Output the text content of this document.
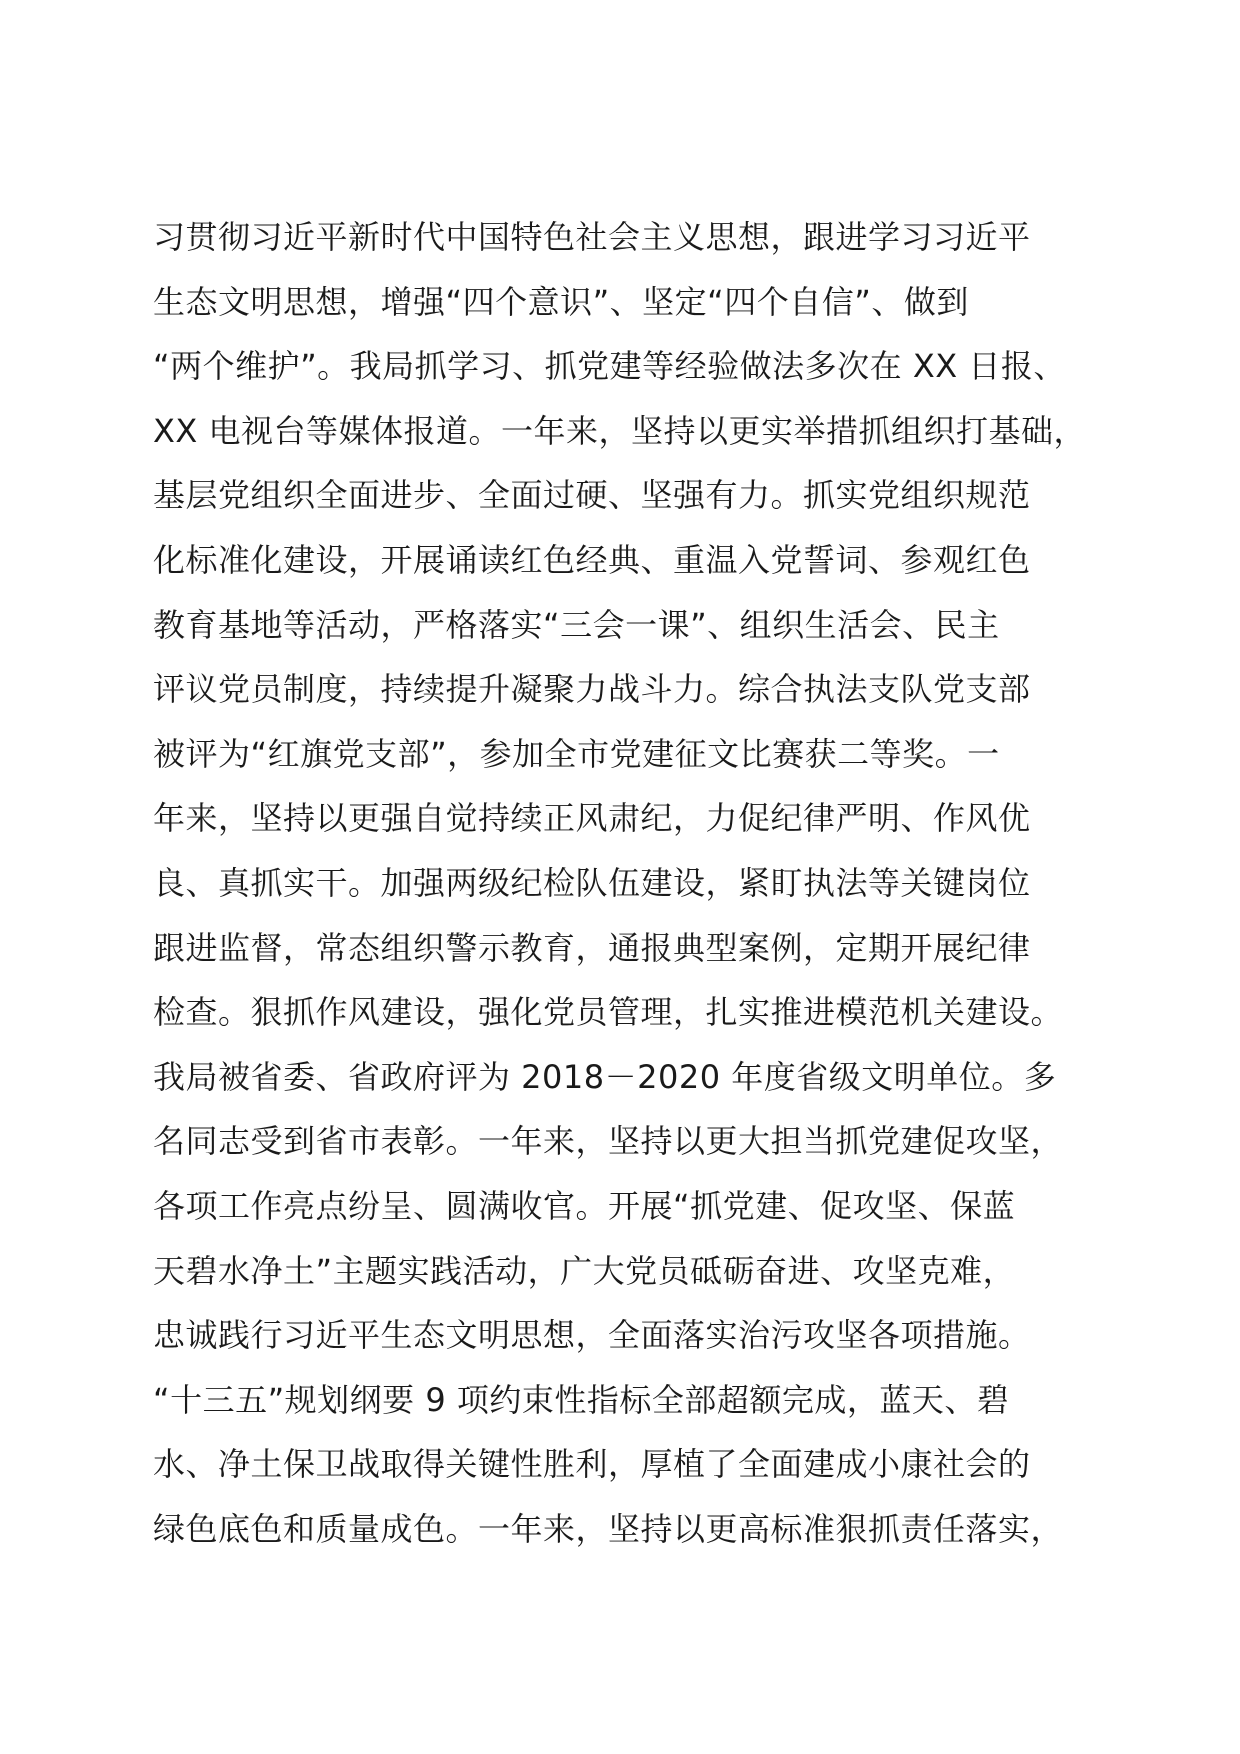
习贯彻习近平新时代中国特色社会主义思想，跟进学习习近平
生态文明思想，增强“四个意识”、坚定“四个自信”、做到
“两个维护”。我局抓学习、抓党建等经验做法多次在 XX 日报、
XX 电视台等媒体报道。一年来，坚持以更实举措抓组织打基础，
基层党组织全面进步、全面过硬、坚强有力。抓实党组织规范
化标准化建设，开展诵读红色经典、重温入党誓词、参观红色
教育基地等活动，严格落实“三会一课”、组织生活会、民主
评议党员制度，持续提升凝聚力战斗力。综合执法支队党支部
被评为“红旗党支部”，参加全市党建征文比赛获二等奖。一
年来，坚持以更强自觉持续正风肃纪，力促纪律严明、作风优
良、真抓实干。加强两级纪检队伍建设，紧盯执法等关键岗位
跟进监督，常态组织警示教育，通报典型案例，定期开展纪律
检查。狠抓作风建设，强化党员管理，扎实推进模范机关建设。
我局被省委、省政府评为 2018－2020 年度省级文明单位。多
名同志受到省市表彰。一年来，坚持以更大担当抓党建促攻坚，
各项工作亮点纷呈、圆满收官。开展“抓党建、促攻坚、保蓝
天碧水净土”主题实践活动，广大党员砥砺奋进、攻坚克难，
忠诚践行习近平生态文明思想，全面落实治污攻坚各项措施。
“十三五”规划纲要 9 项约束性指标全部超额完成，蓝天、碧
水、净土保卫战取得关键性胜利，厚植了全面建成小康社会的
绿色底色和质量成色。一年来，坚持以更高标准狠抓责任落实，
